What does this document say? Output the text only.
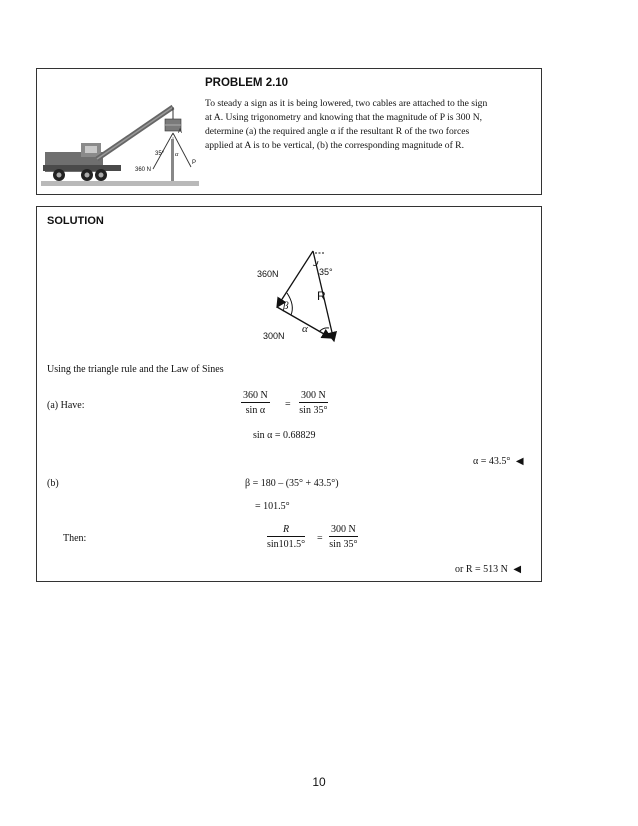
A
35° α
P
360 N
PROBLEM 2.10
To steady a sign as it is being lowered, two cables are attached to the sign
at A. Using trigonometry and knowing that the magnitude of P is 300 N,
determine (a) the required angle α if the resultant R of the two forces
applied at A is to be vertical, (b) the corresponding magnitude of R.
SOLUTION
360N	35°
R
β
300N
α
Using the triangle rule and the Law of Sines
(a) Have:	$\frac{360 N}{\text{sin α}} = \frac{300 N}{\sin 35^\circ}$
sin α = 0.68829
α = 43.5° ◀
(b)	β = 180 – (35° + 43.5°)
= 101.5°
Then:	$\frac{R}{\sin 101.5^\circ} = \frac{300 N}{\sin 35^\circ}$
or R = 513 N ◀
10
